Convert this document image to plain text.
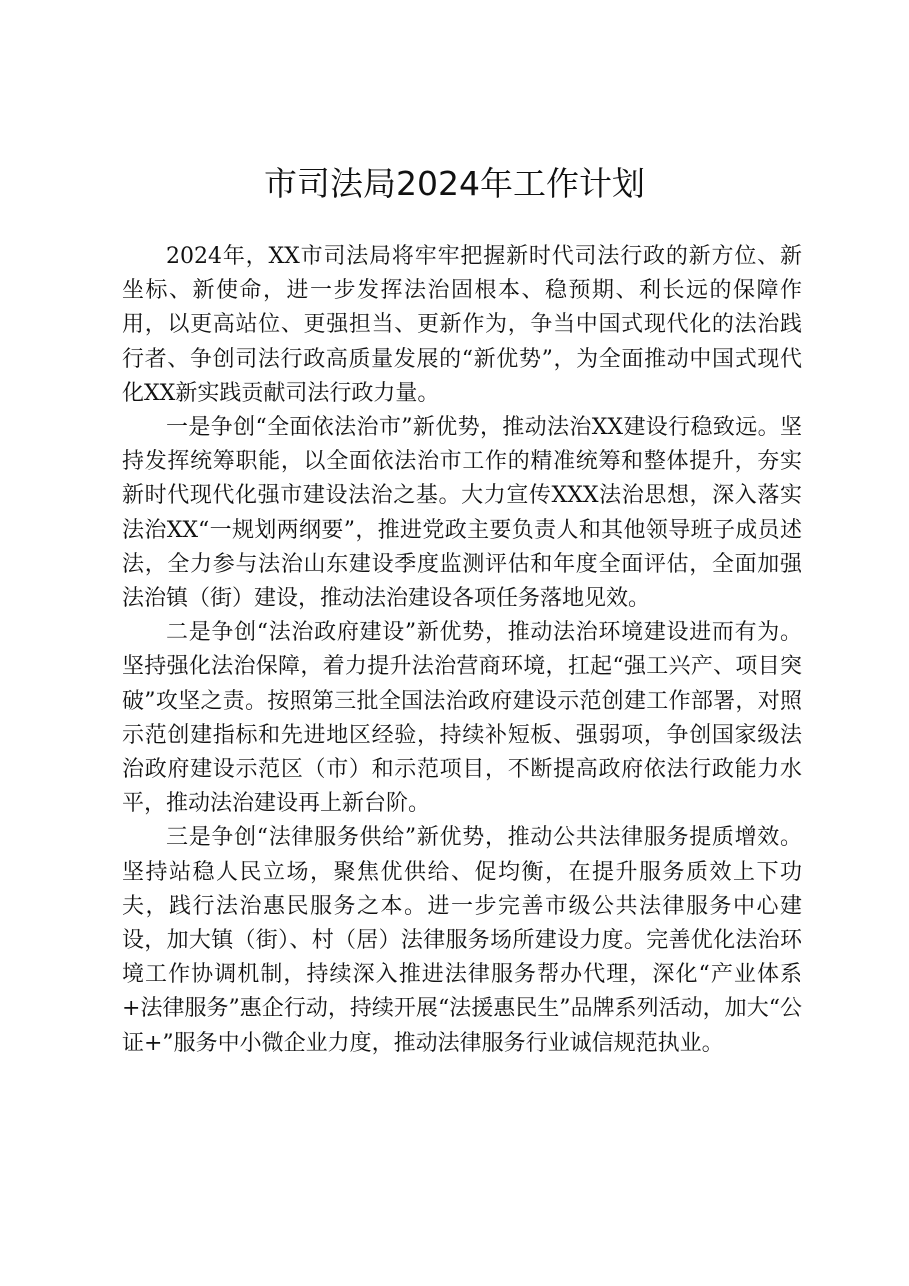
市司法局2024年工作计划

2024年，XX市司法局将牢牢把握新时代司法行政的新方位、新坐标、新使命，进一步发挥法治固根本、稳预期、利长远的保障作用，以更高站位、更强担当、更新作为，争当中国式现代化的法治践行者、争创司法行政高质量发展的“新优势”，为全面推动中国式现代化XX新实践贡献司法行政力量。

一是争创“全面依法治市”新优势，推动法治XX建设行稳致远。坚持发挥统筹职能，以全面依法治市工作的精准统筹和整体提升，夯实新时代现代化强市建设法治之基。大力宣传XXX法治思想，深入落实法治XX“一规划两纲要”，推进党政主要负责人和其他领导班子成员述法，全力参与法治山东建设季度监测评估和年度全面评估，全面加强法治镇（街）建设，推动法治建设各项任务落地见效。

二是争创“法治政府建设”新优势，推动法治环境建设进而有为。坚持强化法治保障，着力提升法治营商环境，扛起“强工兴产、项目突破”攻坚之责。按照第三批全国法治政府建设示范创建工作部署，对照示范创建指标和先进地区经验，持续补短板、强弱项，争创国家级法治政府建设示范区（市）和示范项目，不断提高政府依法行政能力水平，推动法治建设再上新台阶。

三是争创“法律服务供给”新优势，推动公共法律服务提质增效。坚持站稳人民立场，聚焦优供给、促均衡，在提升服务质效上下功夫，践行法治惠民服务之本。进一步完善市级公共法律服务中心建设，加大镇（街）、村（居）法律服务场所建设力度。完善优化法治环境工作协调机制，持续深入推进法律服务帮办代理，深化“产业体系+法律服务”惠企行动，持续开展“法援惠民生”品牌系列活动，加大“公证+”服务中小微企业力度，推动法律服务行业诚信规范执业。
